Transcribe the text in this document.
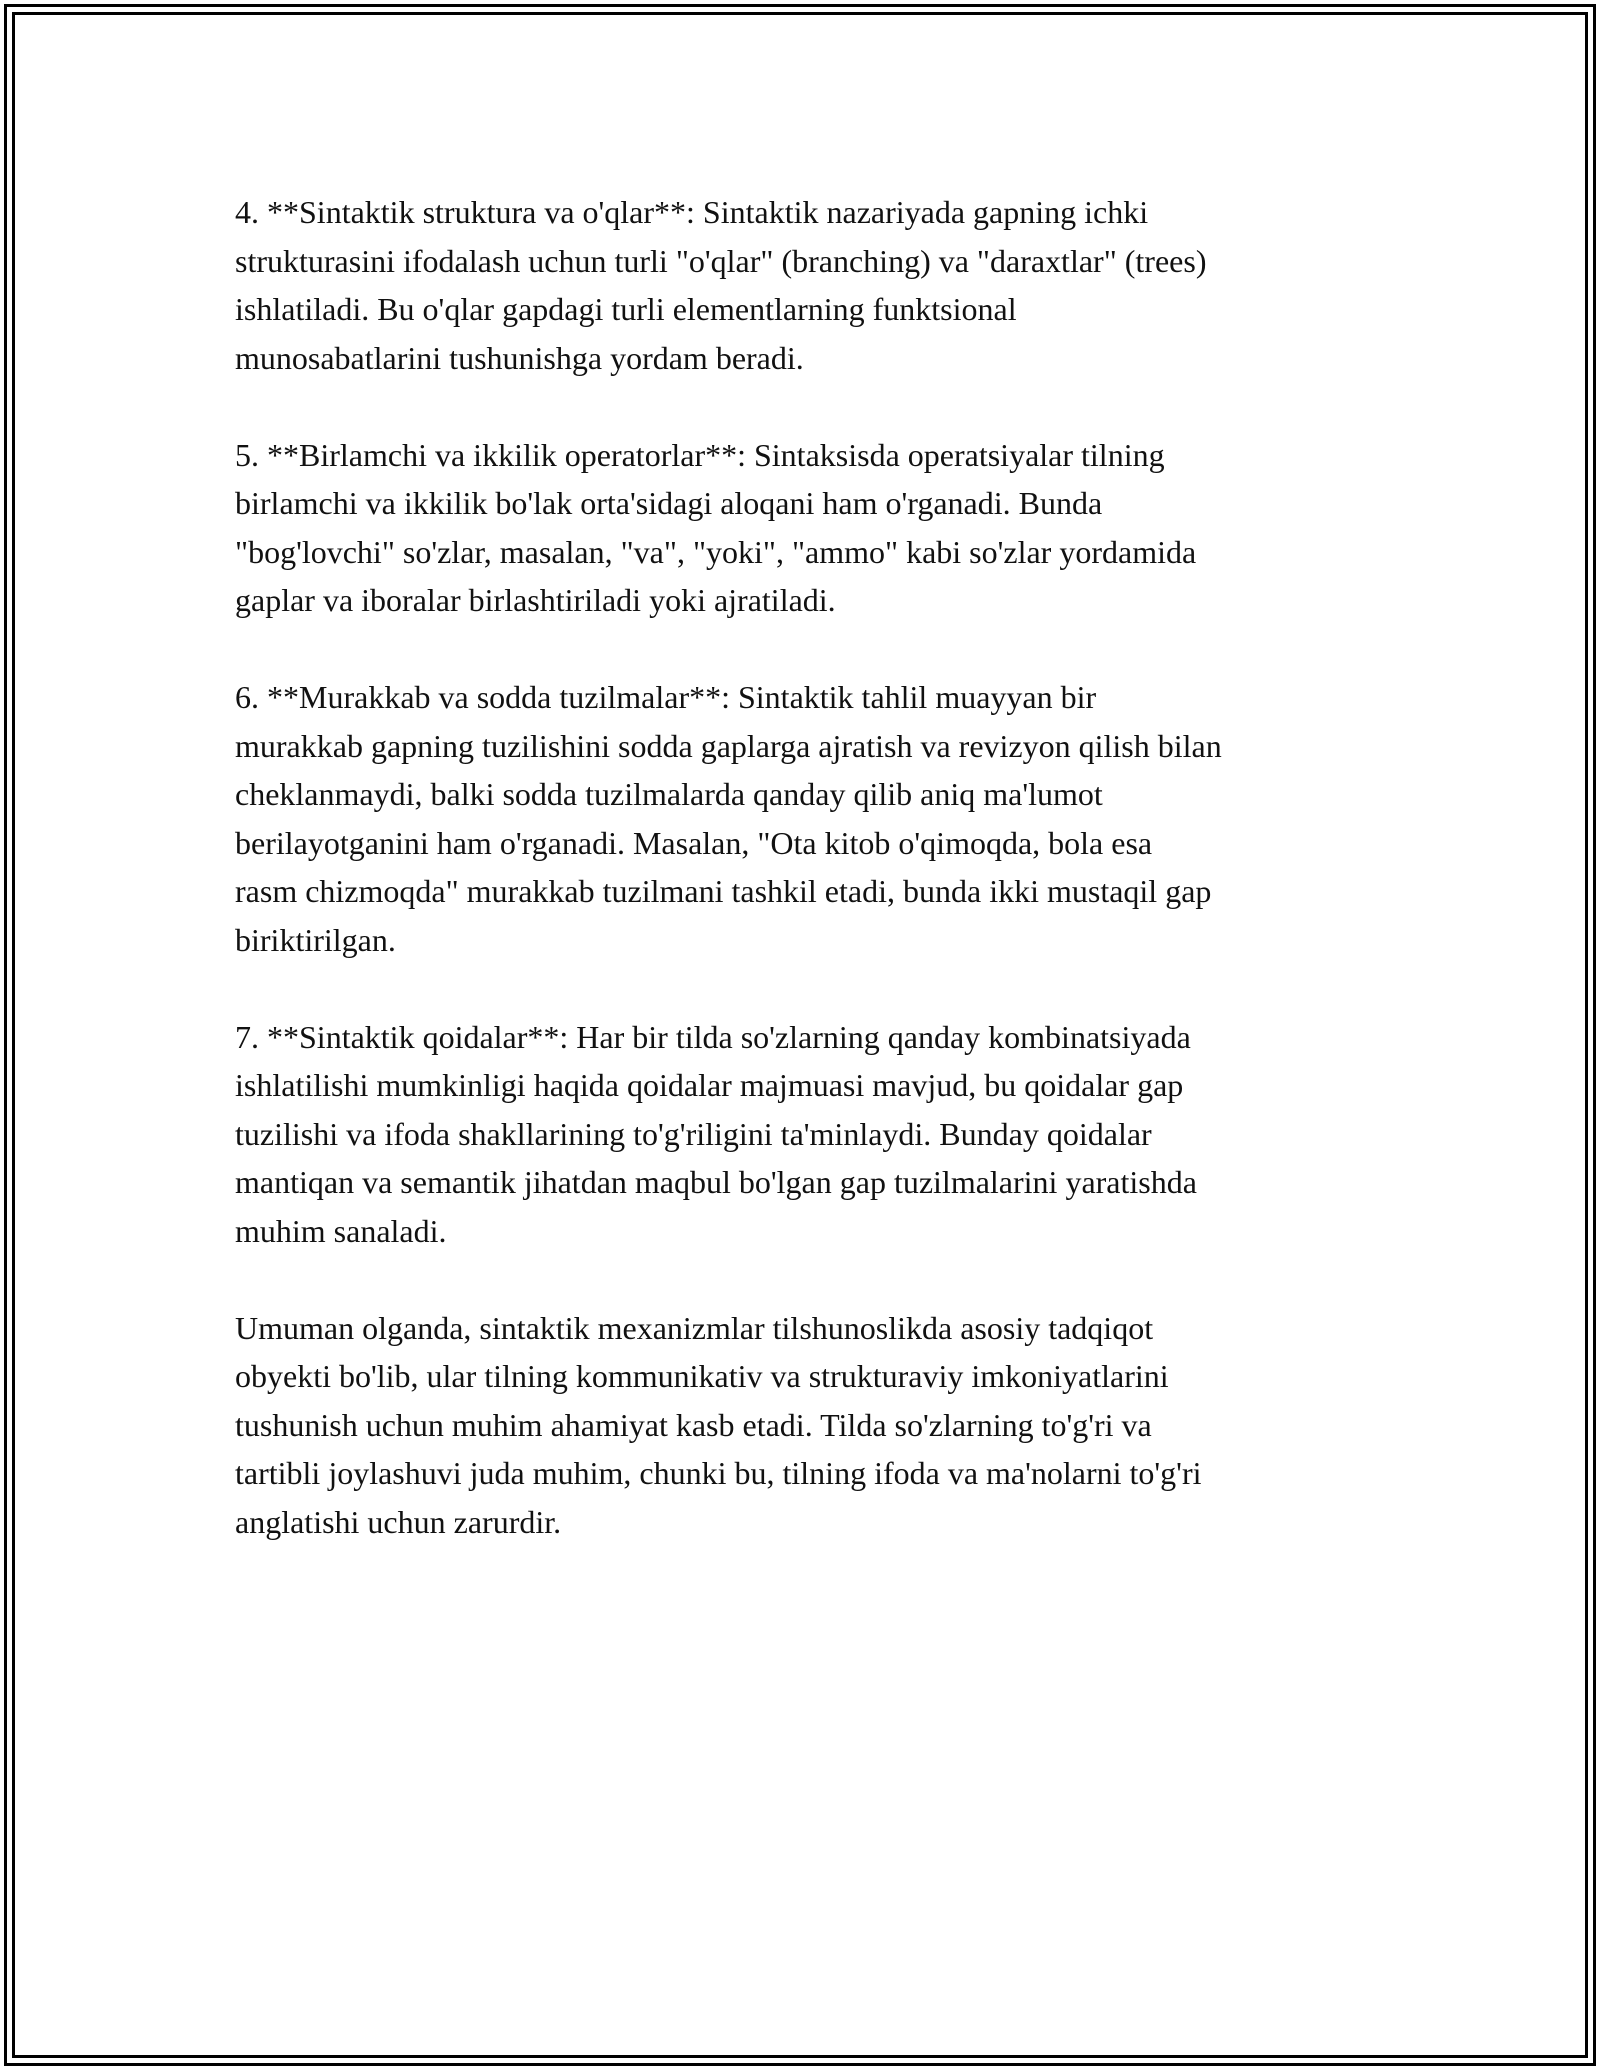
4. **Sintaktik struktura va o'qlar**: Sintaktik nazariyada gapning ichki
strukturasini ifodalash uchun turli "o'qlar" (branching) va "daraxtlar" (trees)
ishlatiladi. Bu o'qlar gapdagi turli elementlarning funktsional
munosabatlarini tushunishga yordam beradi.

5. **Birlamchi va ikkilik operatorlar**: Sintaksisda operatsiyalar tilning
birlamchi va ikkilik bo'lak orta'sidagi aloqani ham o'rganadi. Bunda
"bog'lovchi" so'zlar, masalan, "va", "yoki", "ammo" kabi so'zlar yordamida
gaplar va iboralar birlashtiriladi yoki ajratiladi.

6. **Murakkab va sodda tuzilmalar**: Sintaktik tahlil muayyan bir
murakkab gapning tuzilishini sodda gaplarga ajratish va revizyon qilish bilan
cheklanmaydi, balki sodda tuzilmalarda qanday qilib aniq ma'lumot
berilayotganini ham o'rganadi. Masalan, "Ota kitob o'qimoqda, bola esa
rasm chizmoqda" murakkab tuzilmani tashkil etadi, bunda ikki mustaqil gap
biriktirilgan.

7. **Sintaktik qoidalar**: Har bir tilda so'zlarning qanday kombinatsiyada
ishlatilishi mumkinligi haqida qoidalar majmuasi mavjud, bu qoidalar gap
tuzilishi va ifoda shakllarining to'g'riligini ta'minlaydi. Bunday qoidalar
mantiqan va semantik jihatdan maqbul bo'lgan gap tuzilmalarini yaratishda
muhim sanaladi.

Umuman olganda, sintaktik mexanizmlar tilshunoslikda asosiy tadqiqot
obyekti bo'lib, ular tilning kommunikativ va strukturaviy imkoniyatlarini
tushunish uchun muhim ahamiyat kasb etadi. Tilda so'zlarning to'g'ri va
tartibli joylashuvi juda muhim, chunki bu, tilning ifoda va ma'nolarni to'g'ri
anglatishi uchun zarurdir.
